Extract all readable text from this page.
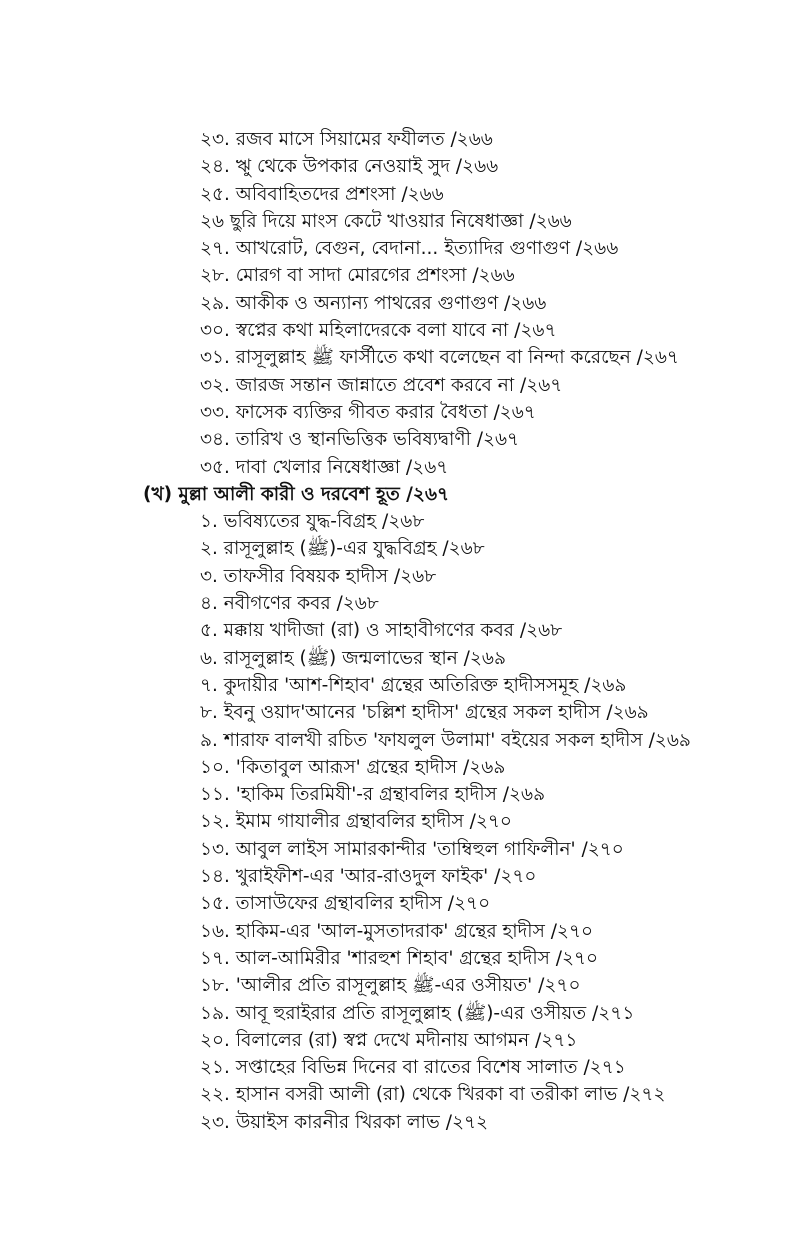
২৩. রজব মাসে সিয়ামের ফযীলত /২৬৬
২৪. ঋু থেকে উপকার নেওয়াই সুদ /২৬৬
২৫. অবিবাহিতদের প্রশংসা /২৬৬
২৬ ছুরি দিয়ে মাংস কেটে খাওয়ার নিষেধাজ্ঞা /২৬৬
২৭. আখরোট, বেগুন, বেদানা... ইত্যাদির গুণাগুণ /২৬৬
২৮. মোরগ বা সাদা মোরগের প্রশংসা /২৬৬
২৯. আকীক ও অন্যান্য পাথরের গুণাগুণ /২৬৬
৩০. স্বপ্নের কথা মহিলাদেরকে বলা যাবে না /২৬৭
৩১. রাসূলুল্লাহ ﷺ ফার্সীতে কথা বলেছেন বা নিন্দা করেছেন /২৬৭
৩২. জারজ সন্তান জান্নাতে প্রবেশ করবে না /২৬৭
৩৩. ফাসেক ব্যক্তির গীবত করার বৈধতা /২৬৭
৩৪. তারিখ ও স্থানভিত্তিক ভবিষ্যদ্বাণী /২৬৭
৩৫. দাবা খেলার নিষেধাজ্ঞা /২৬৭
(খ) মুল্লা আলী কারী ও দরবেশ হূত /২৬৭
১. ভবিষ্যতের যুদ্ধ-বিগ্রহ /২৬৮
২. রাসূলুল্লাহ (ﷺ)-এর যুদ্ধবিগ্রহ /২৬৮
৩. তাফসীর বিষয়ক হাদীস /২৬৮
৪. নবীগণের কবর /২৬৮
৫. মক্কায় খাদীজা (রা) ও সাহাবীগণের কবর /২৬৮
৬. রাসূলুল্লাহ (ﷺ) জন্মলাভের স্থান /২৬৯
৭. কুদায়ীর 'আশ-শিহাব' গ্রন্থের অতিরিক্ত হাদীসসমূহ /২৬৯
৮. ইবনু ওয়াদ'আনের 'চল্লিশ হাদীস' গ্রন্থের সকল হাদীস /২৬৯
৯. শারাফ বালখী রচিত 'ফাযলুল উলামা' বইয়ের সকল হাদীস /২৬৯
১০. 'কিতাবুল আরূস' গ্রন্থের হাদীস /২৬৯
১১. 'হাকিম তিরমিযী'-র গ্রন্থাবলির হাদীস /২৬৯
১২. ইমাম গাযালীর গ্রন্থাবলির হাদীস /২৭০
১৩. আবুল লাইস সামারকান্দীর 'তাম্বিহুল গাফিলীন' /২৭০
১৪. খুরাইফীশ-এর 'আর-রাওদুল ফাইক' /২৭০
১৫. তাসাউফের গ্রন্থাবলির হাদীস /২৭০
১৬. হাকিম-এর 'আল-মুসতাদরাক' গ্রন্থের হাদীস /২৭০
১৭. আল-আমিরীর 'শারহুশ শিহাব' গ্রন্থের হাদীস /২৭০
১৮. 'আলীর প্রতি রাসূলুল্লাহ ﷺ-এর ওসীয়ত' /২৭০
১৯. আবূ হুরাইরার প্রতি রাসূলুল্লাহ (ﷺ)-এর ওসীয়ত /২৭১
২০. বিলালের (রা) স্বপ্ন দেখে মদীনায় আগমন /২৭১
২১. সপ্তাহের বিভিন্ন দিনের বা রাতের বিশেষ সালাত /২৭১
২২. হাসান বসরী আলী (রা) থেকে খিরকা বা তরীকা লাভ /২৭২
২৩. উয়াইস কারনীর খিরকা লাভ /২৭২
